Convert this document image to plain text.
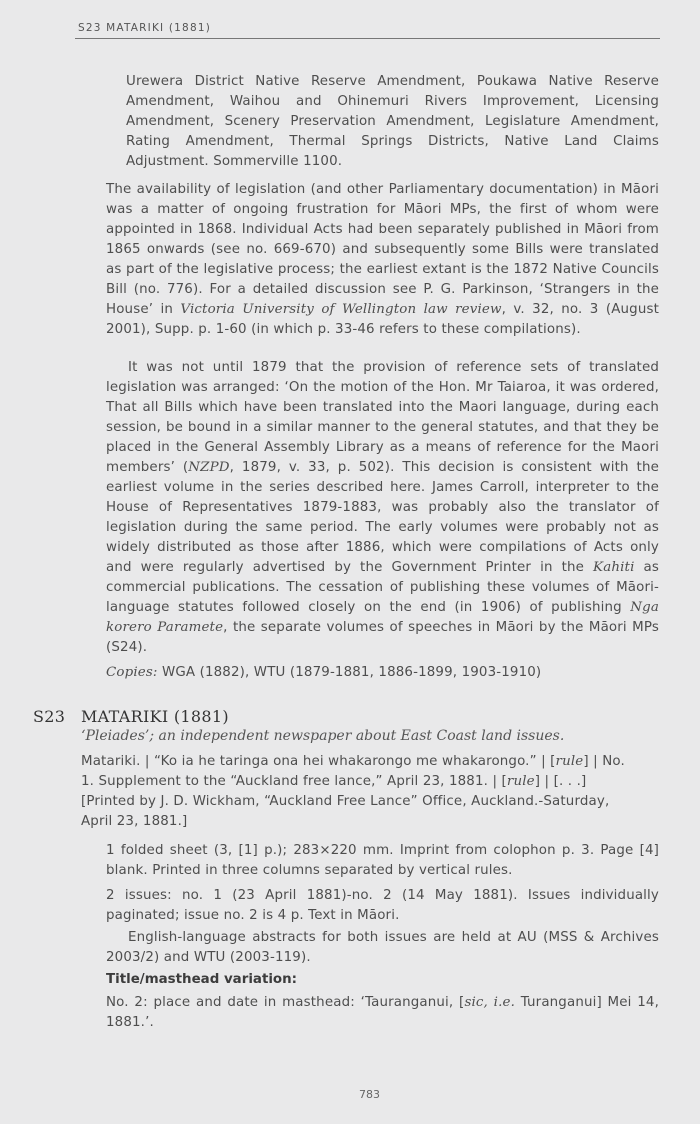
S23 MATARIKI (1881)

Urewera District Native Reserve Amendment, Poukawa Native Reserve Amendment, Waihou and Ohinemuri Rivers Improvement, Licensing Amendment, Scenery Preservation Amendment, Legislature Amendment, Rating Amendment, Thermal Springs Districts, Native Land Claims Adjustment. Sommerville 1100.

The availability of legislation (and other Parliamentary documentation) in Māori was a matter of ongoing frustration for Māori MPs, the first of whom were appointed in 1868. Individual Acts had been separately published in Māori from 1865 onwards (see no. 669-670) and subsequently some Bills were translated as part of the legislative process; the earliest extant is the 1872 Native Councils Bill (no. 776). For a detailed discussion see P. G. Parkinson, ‘Strangers in the House’ in Victoria University of Wellington law review, v. 32, no. 3 (August 2001), Supp. p. 1-60 (in which p. 33-46 refers to these compilations).

It was not until 1879 that the provision of reference sets of translated legislation was arranged: ‘On the motion of the Hon. Mr Taiaroa, it was ordered, That all Bills which have been translated into the Maori language, during each session, be bound in a similar manner to the general statutes, and that they be placed in the General Assembly Library as a means of reference for the Maori members’ (NZPD, 1879, v. 33, p. 502). This decision is consistent with the earliest volume in the series described here. James Carroll, interpreter to the House of Representatives 1879-1883, was probably also the translator of legislation during the same period. The early volumes were probably not as widely distributed as those after 1886, which were compilations of Acts only and were regularly advertised by the Government Printer in the Kahiti as commercial publications. The cessation of publishing these volumes of Māori-language statutes followed closely on the end (in 1906) of publishing Nga korero Paramete, the separate volumes of speeches in Māori by the Māori MPs (S24).

Copies: WGA (1882), WTU (1879-1881, 1886-1899, 1903-1910)

S23 MATARIKI (1881)
‘Pleiades’; an independent newspaper about East Coast land issues.

Matariki. | “Ko ia he taringa ona hei whakarongo me whakarongo.” | [rule] | No. 1. Supplement to the “Auckland free lance,” April 23, 1881. | [rule] | [. . .] [Printed by J. D. Wickham, “Auckland Free Lance” Office, Auckland.-Saturday, April 23, 1881.]

1 folded sheet (3, [1] p.); 283×220 mm. Imprint from colophon p. 3. Page [4] blank. Printed in three columns separated by vertical rules.

2 issues: no. 1 (23 April 1881)-no. 2 (14 May 1881). Issues individually paginated; issue no. 2 is 4 p. Text in Māori.

English-language abstracts for both issues are held at AU (MSS & Archives 2003/2) and WTU (2003-119).

Title/masthead variation:

No. 2: place and date in masthead: ‘Tauranganui, [sic, i.e. Turanganui] Mei 14, 1881.’.

783
